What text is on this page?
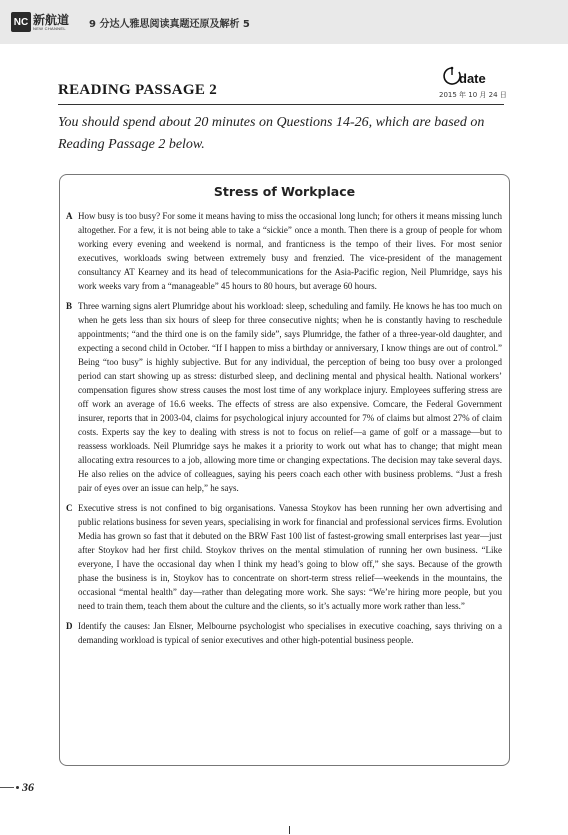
NC 新航道
NEW CHANNEL	9 分达人雅思阅读真题还原及解析 5
READING PASSAGE 2
date
2015 年 10 月 24 日
You should spend about 20 minutes on Questions 14-26, which are based on Reading Passage 2 below.
Stress of Workplace
A How busy is too busy? For some it means having to miss the occasional long lunch; for others it means missing lunch altogether. For a few, it is not being able to take a “sickie” once a month. Then there is a group of people for whom working every evening and weekend is normal, and franticness is the tempo of their lives. For most senior executives, workloads swing between extremely busy and frenzied. The vice-president of the management consultancy AT Kearney and its head of telecommunications for the Asia-Pacific region, Neil Plumridge, says his work weeks vary from a “manageable” 45 hours to 80 hours, but average 60 hours.
B Three warning signs alert Plumridge about his workload: sleep, scheduling and family. He knows he has too much on when he gets less than six hours of sleep for three consecutive nights; when he is constantly having to reschedule appointments; “and the third one is on the family side”, says Plumridge, the father of a three-year-old daughter, and expecting a second child in October. “If I happen to miss a birthday or anniversary, I know things are out of control.” Being “too busy” is highly subjective. But for any individual, the perception of being too busy over a prolonged period can start showing up as stress: disturbed sleep, and declining mental and physical health. National workers’ compensation figures show stress causes the most lost time of any workplace injury. Employees suffering stress are off work an average of 16.6 weeks. The effects of stress are also expensive. Comcare, the Federal Government insurer, reports that in 2003-04, claims for psychological injury accounted for 7% of claims but almost 27% of claim costs. Experts say the key to dealing with stress is not to focus on relief—a game of golf or a massage—but to reassess workloads. Neil Plumridge says he makes it a priority to work out what has to change; that might mean allocating extra resources to a job, allowing more time or changing expectations. The decision may take several days. He also relies on the advice of colleagues, saying his peers coach each other with business problems. “Just a fresh pair of eyes over an issue can help,” he says.
C Executive stress is not confined to big organisations. Vanessa Stoykov has been running her own advertising and public relations business for seven years, specialising in work for financial and professional services firms. Evolution Media has grown so fast that it debuted on the BRW Fast 100 list of fastest-growing small enterprises last year—just after Stoykov had her first child. Stoykov thrives on the mental stimulation of running her own business. “Like everyone, I have the occasional day when I think my head’s going to blow off,” she says. Because of the growth phase the business is in, Stoykov has to concentrate on short-term stress relief—weekends in the mountains, the occasional “mental health” day—rather than delegating more work. She says: “We’re hiring more people, but you need to train them, teach them about the culture and the clients, so it’s actually more work rather than less.”
D Identify the causes: Jan Elsner, Melbourne psychologist who specialises in executive coaching, says thriving on a demanding workload is typical of senior executives and other high-potential business people.
36
